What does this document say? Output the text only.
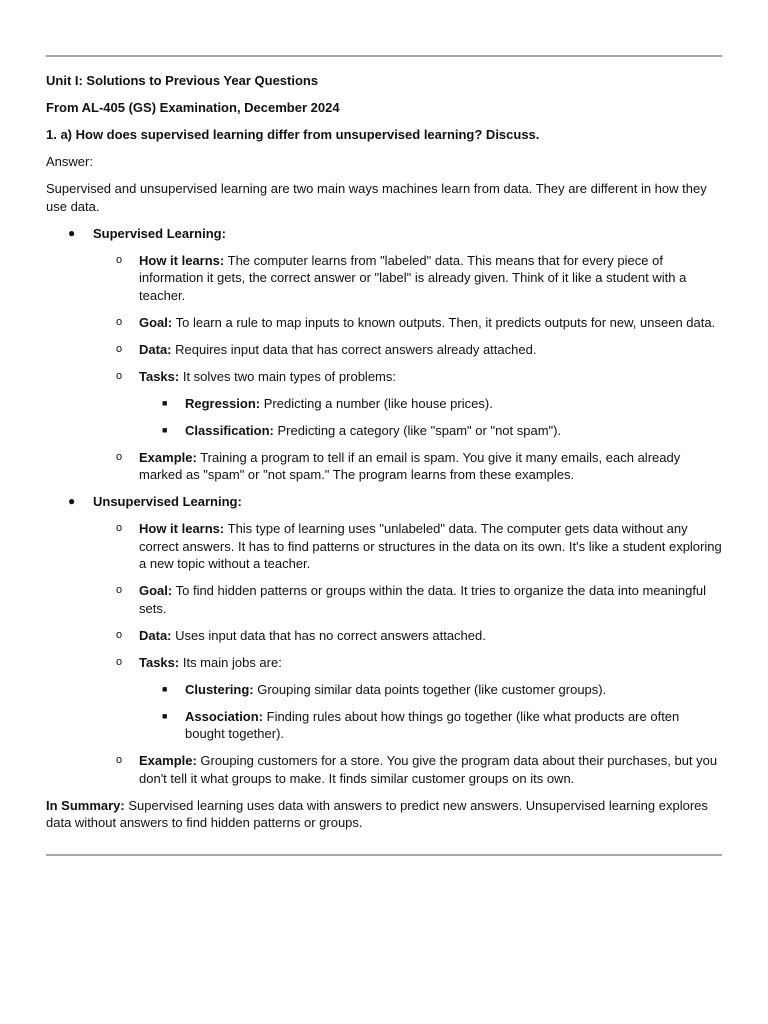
Unit I: Solutions to Previous Year Questions

From AL-405 (GS) Examination, December 2024

1. a) How does supervised learning differ from unsupervised learning? Discuss.

Answer:

Supervised and unsupervised learning are two main ways machines learn from data. They are different in how they use data.

● Supervised Learning:
o How it learns: The computer learns from "labeled" data. This means that for every piece of information it gets, the correct answer or "label" is already given. Think of it like a student with a teacher.
o Goal: To learn a rule to map inputs to known outputs. Then, it predicts outputs for new, unseen data.
o Data: Requires input data that has correct answers already attached.
o Tasks: It solves two main types of problems:
■ Regression: Predicting a number (like house prices).
■ Classification: Predicting a category (like "spam" or "not spam").
o Example: Training a program to tell if an email is spam. You give it many emails, each already marked as "spam" or "not spam." The program learns from these examples.
● Unsupervised Learning:
o How it learns: This type of learning uses "unlabeled" data. The computer gets data without any correct answers. It has to find patterns or structures in the data on its own. It's like a student exploring a new topic without a teacher.
o Goal: To find hidden patterns or groups within the data. It tries to organize the data into meaningful sets.
o Data: Uses input data that has no correct answers attached.
o Tasks: Its main jobs are:
■ Clustering: Grouping similar data points together (like customer groups).
■ Association: Finding rules about how things go together (like what products are often bought together).
o Example: Grouping customers for a store. You give the program data about their purchases, but you don't tell it what groups to make. It finds similar customer groups on its own.

In Summary: Supervised learning uses data with answers to predict new answers. Unsupervised learning explores data without answers to find hidden patterns or groups.
